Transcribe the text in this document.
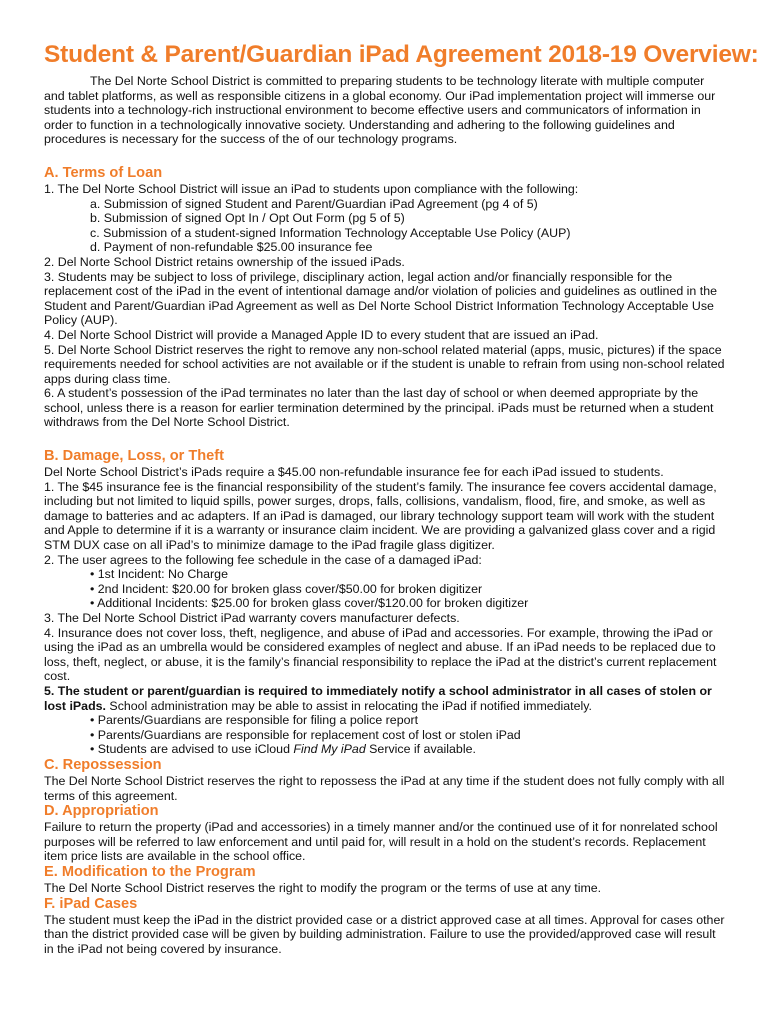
Student & Parent/Guardian iPad Agreement 2018-19 Overview:

The Del Norte School District is committed to preparing students to be technology literate with multiple computer and tablet platforms, as well as responsible citizens in a global economy. Our iPad implementation project will immerse our students into a technology-rich instructional environment to become effective users and communicators of information in order to function in a technologically innovative society. Understanding and adhering to the following guidelines and procedures is necessary for the success of the of our technology programs.

A. Terms of Loan

1. The Del Norte School District will issue an iPad to students upon compliance with the following:

a. Submission of signed Student and Parent/Guardian iPad Agreement (pg 4 of 5)

b. Submission of signed Opt In / Opt Out Form (pg 5 of 5)

c. Submission of a student-signed Information Technology Acceptable Use Policy (AUP)

d. Payment of non-refundable $25.00 insurance fee

2. Del Norte School District retains ownership of the issued iPads.

3. Students may be subject to loss of privilege, disciplinary action, legal action and/or financially responsible for the replacement cost of the iPad in the event of intentional damage and/or violation of policies and guidelines as outlined in the Student and Parent/Guardian iPad Agreement as well as Del Norte School District Information Technology Acceptable Use Policy (AUP).

4. Del Norte School District will provide a Managed Apple ID to every student that are issued an iPad.

5. Del Norte School District reserves the right to remove any non-school related material (apps, music, pictures) if the space requirements needed for school activities are not available or if the student is unable to refrain from using non-school related apps during class time.

6. A student’s possession of the iPad terminates no later than the last day of school or when deemed appropriate by the school, unless there is a reason for earlier termination determined by the principal. iPads must be returned when a student withdraws from the Del Norte School District.

B. Damage, Loss, or Theft

Del Norte School District’s iPads require a $45.00 non-refundable insurance fee for each iPad issued to students.

1. The $45 insurance fee is the financial responsibility of the student’s family. The insurance fee covers accidental damage, including but not limited to liquid spills, power surges, drops, falls, collisions, vandalism, flood, fire, and smoke, as well as damage to batteries and ac adapters. If an iPad is damaged, our library technology support team will work with the student and Apple to determine if it is a warranty or insurance claim incident. We are providing a galvanized glass cover and a rigid STM DUX case on all iPad’s to minimize damage to the iPad fragile glass digitizer.

2. The user agrees to the following fee schedule in the case of a damaged iPad:

• 1st Incident: No Charge

• 2nd Incident: $20.00 for broken glass cover/$50.00 for broken digitizer

• Additional Incidents: $25.00 for broken glass cover/$120.00 for broken digitizer

3. The Del Norte School District iPad warranty covers manufacturer defects.

4. Insurance does not cover loss, theft, negligence, and abuse of iPad and accessories. For example, throwing the iPad or using the iPad as an umbrella would be considered examples of neglect and abuse. If an iPad needs to be replaced due to loss, theft, neglect, or abuse, it is the family’s financial responsibility to replace the iPad at the district’s current replacement cost.

5. The student or parent/guardian is required to immediately notify a school administrator in all cases of stolen or lost iPads. School administration may be able to assist in relocating the iPad if notified immediately.

• Parents/Guardians are responsible for filing a police report

• Parents/Guardians are responsible for replacement cost of lost or stolen iPad

• Students are advised to use iCloud Find My iPad Service if available.

C. Repossession

The Del Norte School District reserves the right to repossess the iPad at any time if the student does not fully comply with all terms of this agreement.

D. Appropriation

Failure to return the property (iPad and accessories) in a timely manner and/or the continued use of it for nonrelated school purposes will be referred to law enforcement and until paid for, will result in a hold on the student’s records. Replacement item price lists are available in the school office.

E. Modification to the Program

The Del Norte School District reserves the right to modify the program or the terms of use at any time.

F. iPad Cases

The student must keep the iPad in the district provided case or a district approved case at all times. Approval for cases other than the district provided case will be given by building administration. Failure to use the provided/approved case will result in the iPad not being covered by insurance.
